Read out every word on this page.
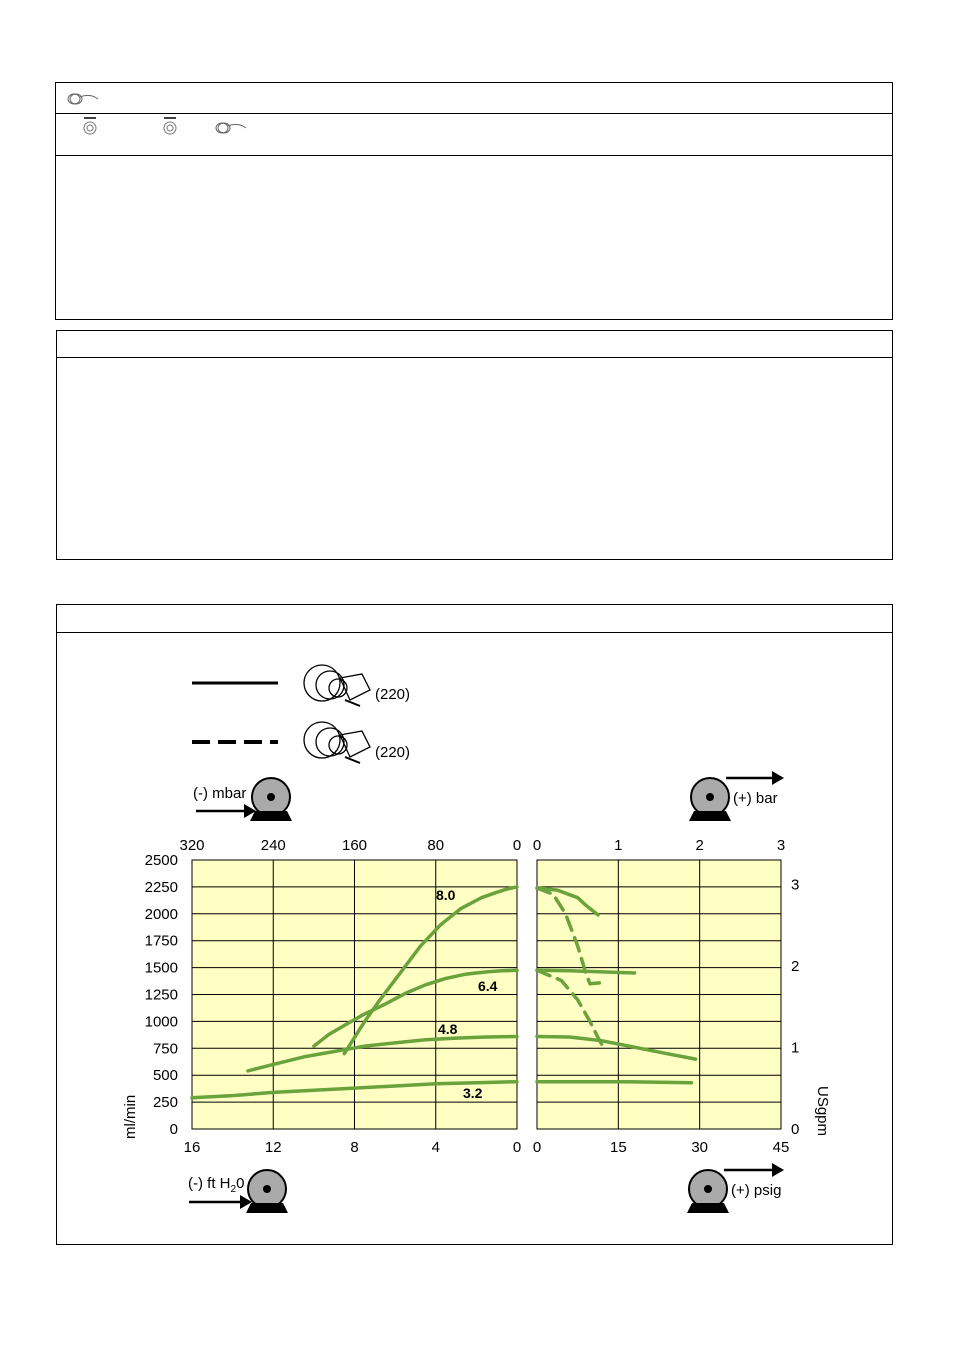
(220)
(220)
(-) mbar	(+) bar
(-) ft $H_20$	(+) psig
2500
2250
2000
1750
1500
1250
1000
750
500
250
0
3
2
1
0
320	240	160	80	0
16	12	8	4	0
0	1	2	3
0	15	30	45
ml/min	USgpm
8.0
6.4
4.8
3.2
